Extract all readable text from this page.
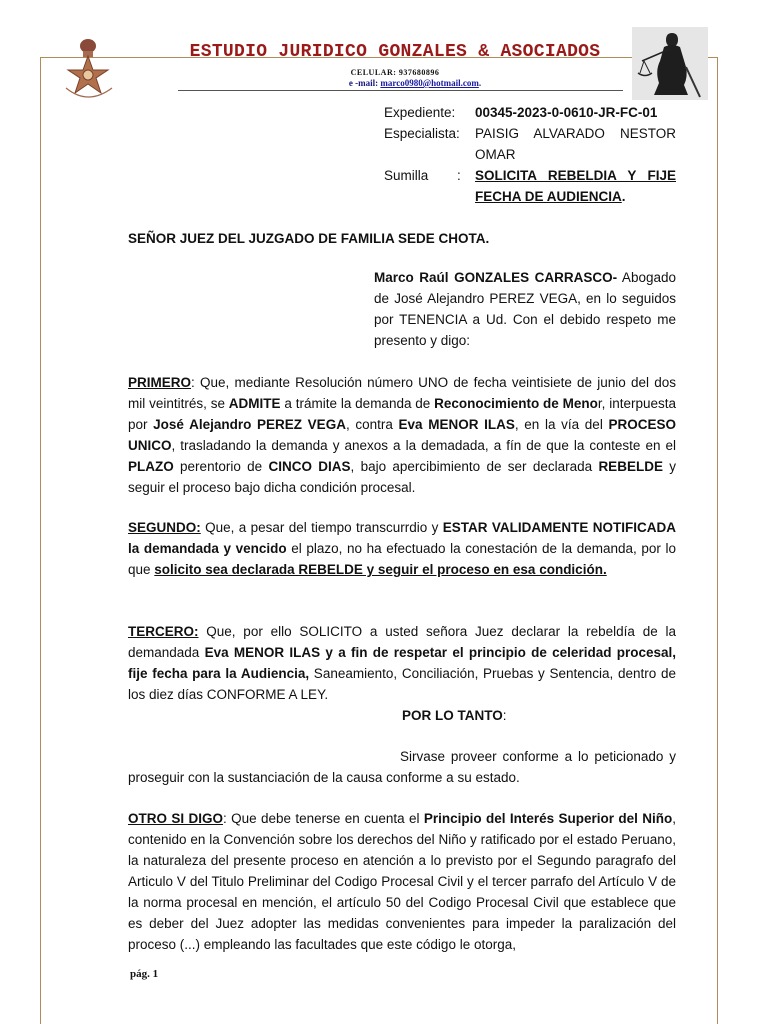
ESTUDIO JURIDICO GONZALES & ASOCIADOS
CELULAR: 937680896
e -mail: marco0980@hotmail.com.
Expediente: 00345-2023-0-0610-JR-FC-01
Especialista: PAISIG ALVARADO NESTOR OMAR
Sumilla : SOLICITA REBELDIA Y FIJE FECHA DE AUDIENCIA.
SEÑOR JUEZ DEL JUZGADO DE FAMILIA SEDE CHOTA.
Marco Raúl GONZALES CARRASCO- Abogado de José Alejandro PEREZ VEGA, en lo seguidos por TENENCIA a Ud. Con el debido respeto me presento y digo:
PRIMERO: Que, mediante Resolución número UNO de fecha veintisiete de junio del dos mil veintitrés, se ADMITE a trámite la demanda de Reconocimiento de Menor, interpuesta por José Alejandro PEREZ VEGA, contra Eva MENOR ILAS, en la vía del PROCESO UNICO, trasladando la demanda y anexos a la demadada, a fín de que la conteste en el PLAZO perentorio de CINCO DIAS, bajo apercibimiento de ser declarada REBELDE y seguir el proceso bajo dicha condición procesal.
SEGUNDO: Que, a pesar del tiempo transcurrdio y ESTAR VALIDAMENTE NOTIFICADA la demandada y vencido el plazo, no ha efectuado la conestación de la demanda, por lo que solicito sea declarada REBELDE y seguir el proceso en esa condición.
TERCERO: Que, por ello SOLICITO a usted señora Juez declarar la rebeldía de la demandada Eva MENOR ILAS y a fin de respetar el principio de celeridad procesal, fije fecha para la Audiencia, Saneamiento, Conciliación, Pruebas y Sentencia, dentro de los diez días CONFORME A LEY.
POR LO TANTO:
Sirvase proveer conforme a lo peticionado y proseguir con la sustanciación de la causa conforme a su estado.
OTRO SI DIGO: Que debe tenerse en cuenta el Principio del Interés Superior del Niño, contenido en la Convención sobre los derechos del Niño y ratificado por el estado Peruano, la naturaleza del presente proceso en atención a lo previsto por el Segundo paragrafo del Articulo V del Titulo Preliminar del Codigo Procesal Civil y el tercer parrafo del Artículo V de la norma procesal en mención, el artículo 50 del Codigo Procesal Civil que establece que es deber del Juez adopter las medidas convenientes para impeder la paralización del proceso (...) empleando las facultades que este código le otorga,
pág. 1
